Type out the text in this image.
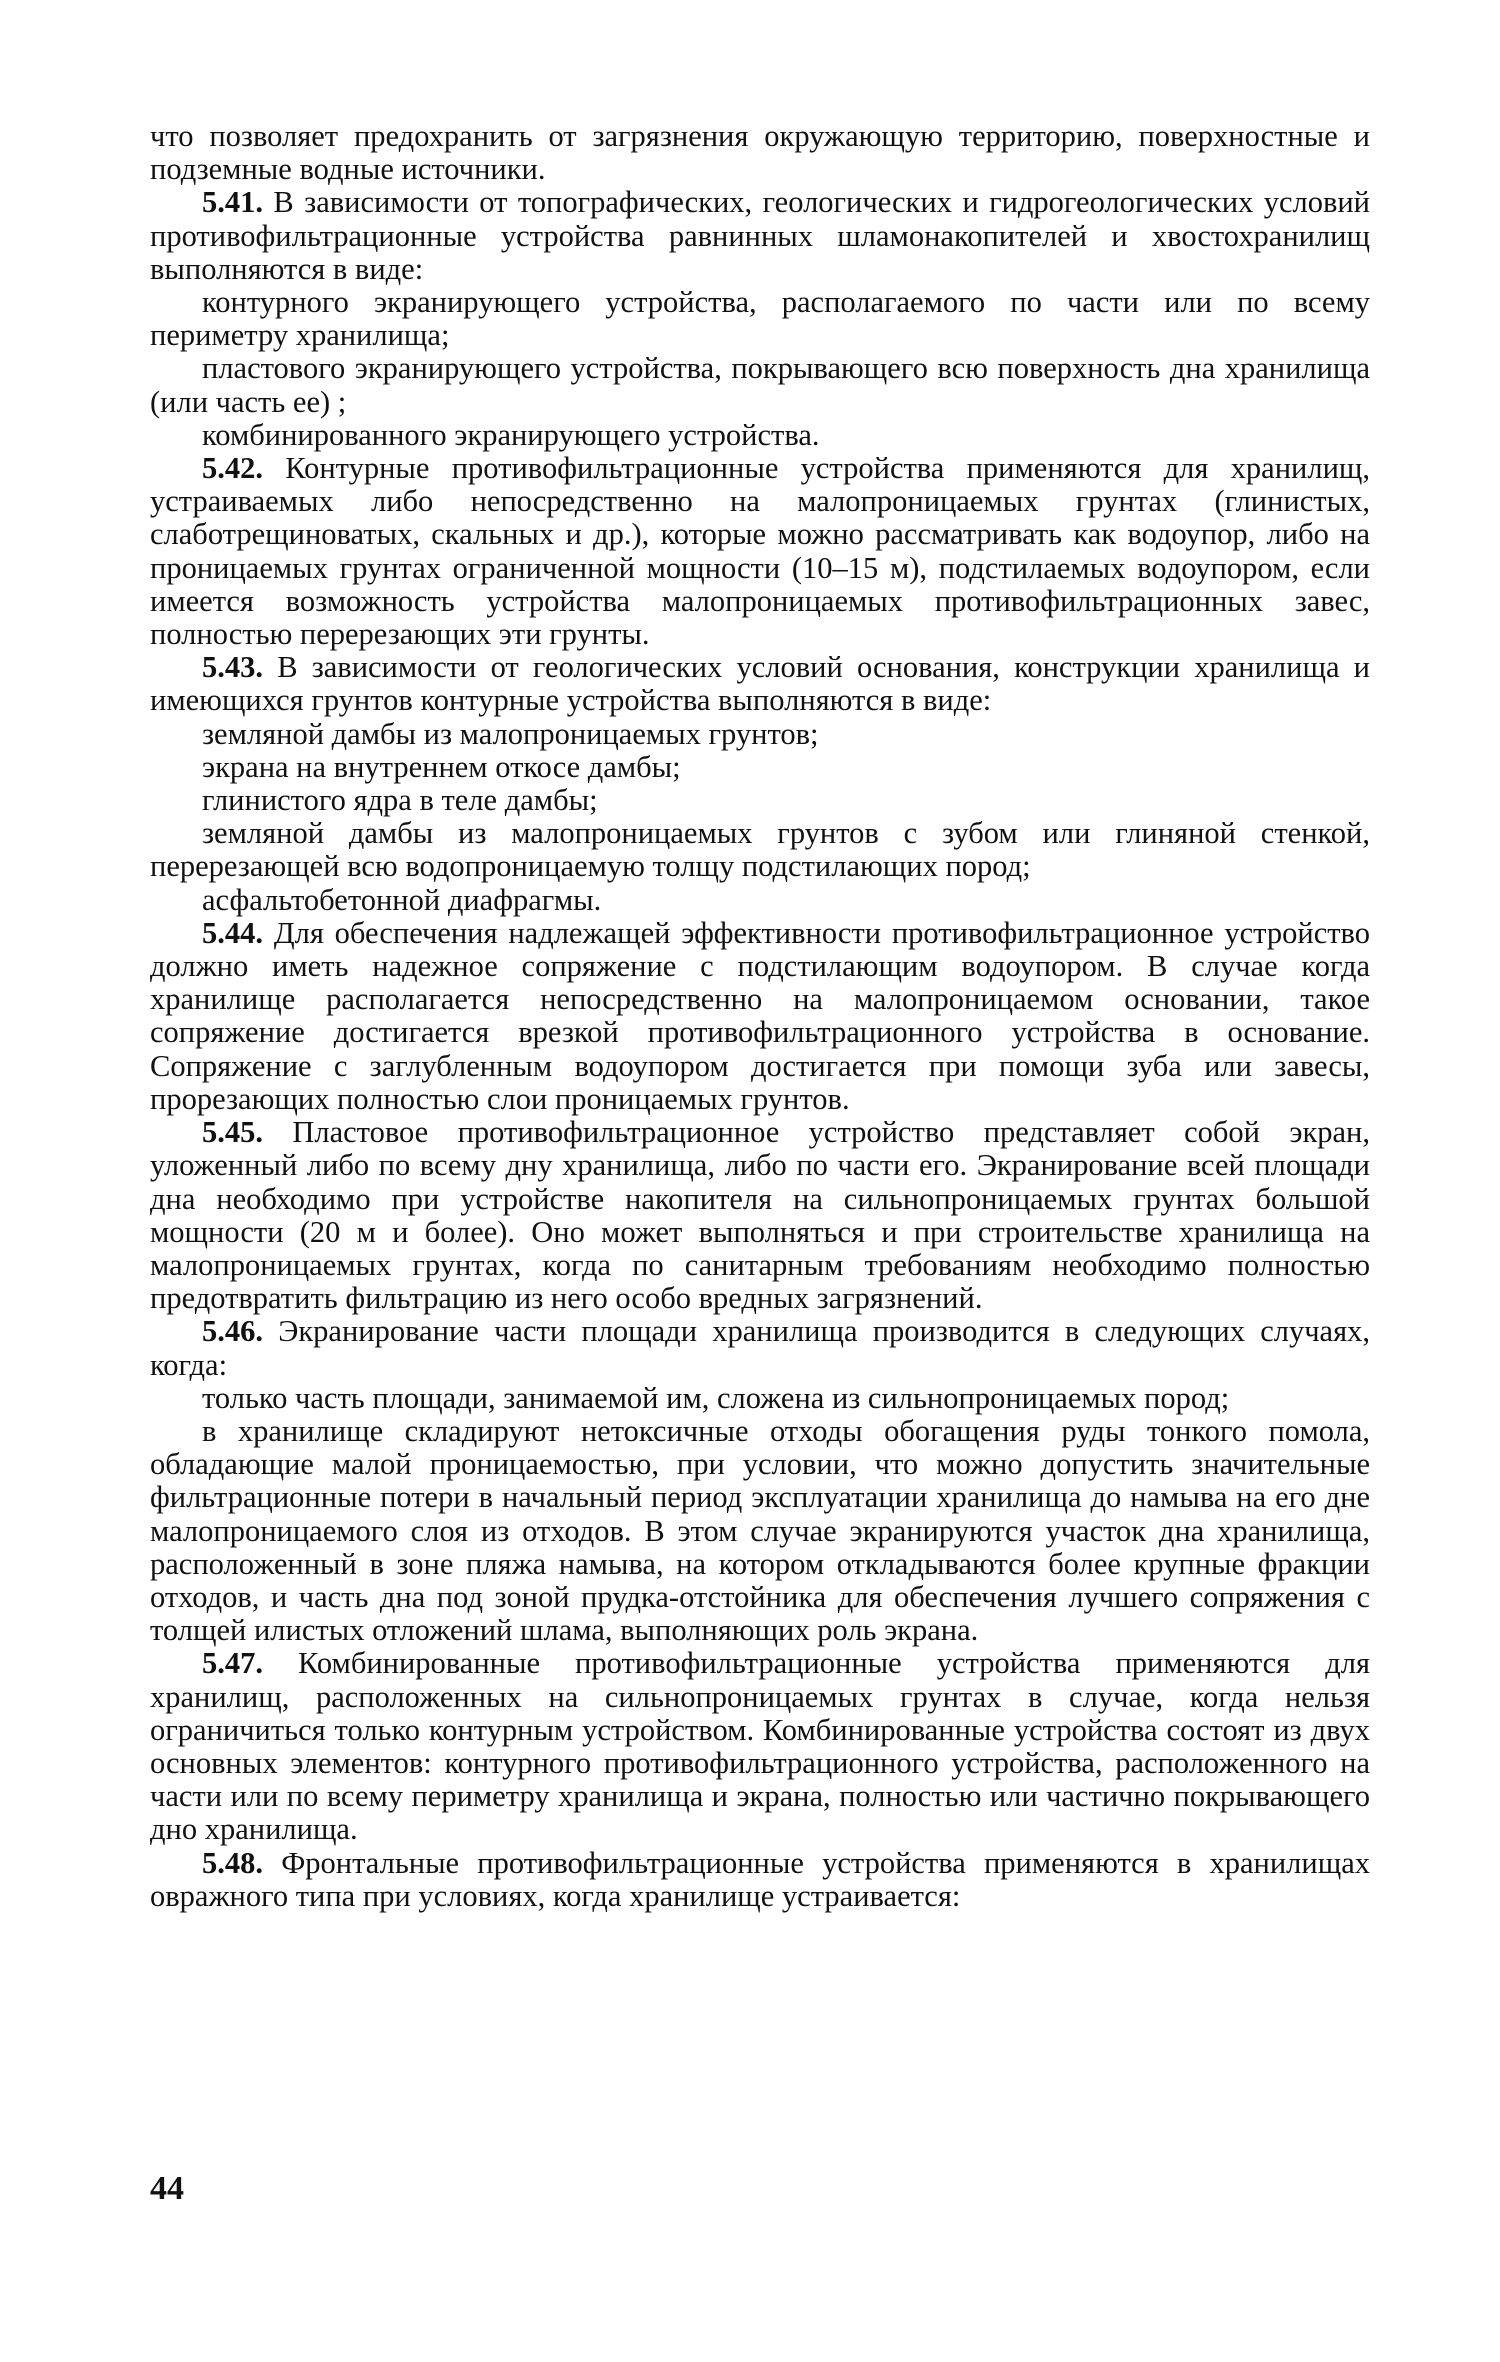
что позволяет предохранить от загрязнения окружающую территорию, поверхностные и подземные водные источники.

5.41. В зависимости от топографических, геологических и гидрогеологических условий противофильтрационные устройства равнинных шламонакопителей и хвостохранилищ выполняются в виде:

контурного экранирующего устройства, располагаемого по части или по всему периметру хранилища;

пластового экранирующего устройства, покрывающего всю поверхность дна хранилища (или часть ее) ;

комбинированного экранирующего устройства.

5.42. Контурные противофильтрационные устройства применяются для хранилищ, устраиваемых либо непосредственно на малопроницаемых грунтах (глинистых, слаботрещиноватых, скальных и др.), которые можно рассматривать как водоупор, либо на проницаемых грунтах ограниченной мощности (10–15 м), подстилаемых водоупором, если имеется возможность устройства малопроницаемых противофильтрационных завес, полностью перерезающих эти грунты.

5.43. В зависимости от геологических условий основания, конструкции хранилища и имеющихся грунтов контурные устройства выполняются в виде:

земляной дамбы из малопроницаемых грунтов;

экрана на внутреннем откосе дамбы;

глинистого ядра в теле дамбы;

земляной дамбы из малопроницаемых грунтов с зубом или глиняной стенкой, перерезающей всю водопроницаемую толщу подстилающих пород;

асфальтобетонной диафрагмы.

5.44. Для обеспечения надлежащей эффективности противофильтрационное устройство должно иметь надежное сопряжение с подстилающим водоупором. В случае когда хранилище располагается непосредственно на малопроницаемом основании, такое сопряжение достигается врезкой противофильтрационного устройства в основание. Сопряжение с заглубленным водоупором достигается при помощи зуба или завесы, прорезающих полностью слои проницаемых грунтов.

5.45. Пластовое противофильтрационное устройство представляет собой экран, уложенный либо по всему дну хранилища, либо по части его. Экранирование всей площади дна необходимо при устройстве накопителя на сильнопроницаемых грунтах большой мощности (20 м и более). Оно может выполняться и при строительстве хранилища на малопроницаемых грунтах, когда по санитарным требованиям необходимо полностью предотвратить фильтрацию из него особо вредных загрязнений.

5.46. Экранирование части площади хранилища производится в следующих случаях, когда:

только часть площади, занимаемой им, сложена из сильнопроницаемых пород;

в хранилище складируют нетоксичные отходы обогащения руды тонкого помола, обладающие малой проницаемостью, при условии, что можно допустить значительные фильтрационные потери в начальный период эксплуатации хранилища до намыва на его дне малопроницаемого слоя из отходов. В этом случае экранируются участок дна хранилища, расположенный в зоне пляжа намыва, на котором откладываются более крупные фракции отходов, и часть дна под зоной прудка-отстойника для обеспечения лучшего сопряжения с толщей илистых отложений шлама, выполняющих роль экрана.

5.47. Комбинированные противофильтрационные устройства применяются для хранилищ, расположенных на сильнопроницаемых грунтах в случае, когда нельзя ограничиться только контурным устройством. Комбинированные устройства состоят из двух основных элементов: контурного противофильтрационного устройства, расположенного на части или по всему периметру хранилища и экрана, полностью или частично покрывающего дно хранилища.

5.48. Фронтальные противофильтрационные устройства применяются в хранилищах овражного типа при условиях, когда хранилище устраивается:

44
